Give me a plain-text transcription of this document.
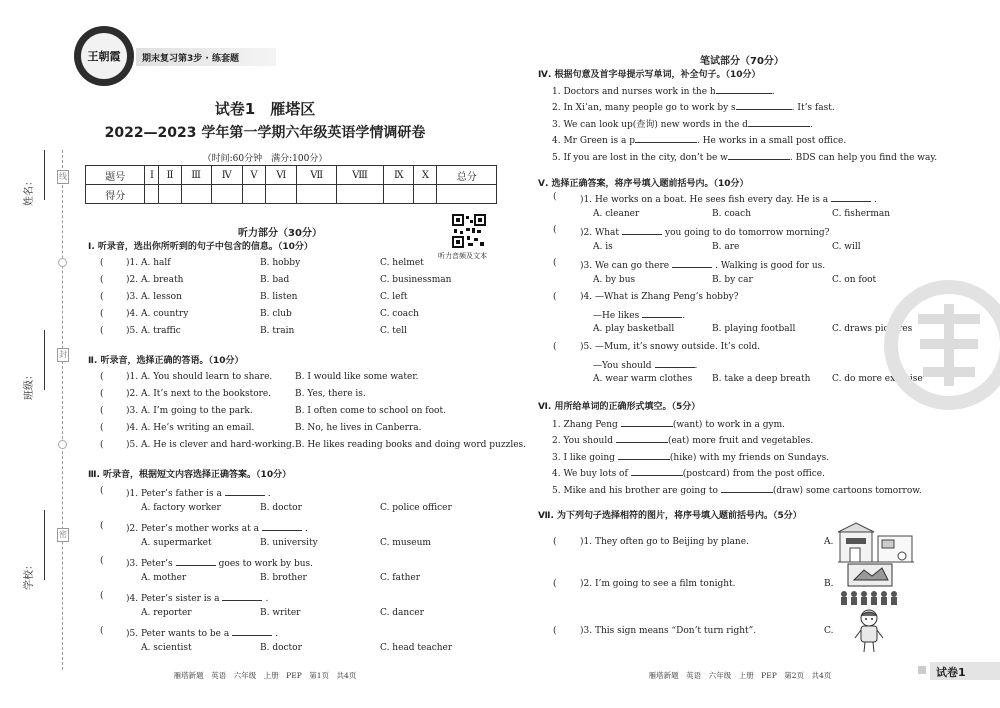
线
封
密
姓名：
班级：
学校：
王朝霞	期末复习第3步 · 练套题
试卷1　雁塔区
2022—2023 学年第一学期六年级英语学情调研卷
（时间:60分钟　满分:100分）
题号	Ⅰ	Ⅱ	Ⅲ	Ⅳ	Ⅴ	Ⅵ	Ⅶ	Ⅷ	Ⅸ	Ⅹ	总分
得分											
听力音频及文本
听力部分（30分）
Ⅰ. 听录音，选出你所听到的句子中包含的信息。（10分）
( )1. A. half	B. hobby	C. helmet
( )2. A. breath	B. bad	C. businessman
( )3. A. lesson	B. listen	C. left
( )4. A. country	B. club	C. coach
( )5. A. traffic	B. train	C. tell
Ⅱ. 听录音，选择正确的答语。（10分）
( )1. A. You should learn to share.	B. I would like some water.
( )2. A. It’s next to the bookstore.	B. Yes, there is.
( )3. A. I’m going to the park.	B. I often come to school on foot.
( )4. A. He’s writing an email.	B. No, he lives in Canberra.
( )5. A. He is clever and hard-working. B. He likes reading books and doing word puzzles.
Ⅲ. 听录音，根据短文内容选择正确答案。（10分）
( )1. Peter’s father is a	.
A. factory worker	B. doctor	C. police officer
( )2. Peter’s mother works at a	.
A. supermarket	B. university	C. museum
( )3. Peter’s	goes to work by bus.
A. mother	B. brother	C. father
( )4. Peter’s sister is a	.
A. reporter	B. writer	C. dancer
( )5. Peter wants to be a	.
A. scientist	B. doctor	C. head teacher
笔试部分（70分）
Ⅳ. 根据句意及首字母提示写单词，补全句子。（10分）
1. Doctors and nurses work in the h	.
2. In Xi’an, many people go to work by s	. It’s fast.
3. We can look up(查询) new words in the d	.
4. Mr Green is a p	. He works in a small post office.
5. If you are lost in the city, don’t be w	. BDS can help you find the way.
Ⅴ. 选择正确答案，将序号填入题前括号内。（10分）
(	)1. He works on a boat. He sees fish every day. He is a	.
A. cleaner	B. coach	C. fisherman
(	)2. What	you going to do tomorrow morning?
A. is	B. are	C. will
(	)3. We can go there	. Walking is good for us.
A. by bus	B. by car	C. on foot
(	)4. —What is Zhang Peng’s hobby?
—He likes	.
A. play basketball	B. playing football	C. draws pictures
(	)5. —Mum, it’s snowy outside. It’s cold.
—You should	.
A. wear warm clothes B. take a deep breath C. do more exercise
Ⅵ. 用所给单词的正确形式填空。（5分）
1. Zhang Peng	(want) to work in a gym.
2. You should	(eat) more fruit and vegetables.
3. I like going	(hike) with my friends on Sundays.
4. We buy lots of	(postcard) from the post office.
5. Mike and his brother are going to	(draw) some cartoons tomorrow.
Ⅶ. 为下列句子选择相符的图片，将序号填入题前括号内。（5分）
(	)1. They often go to Beijing by plane.	A.
(	)2. I’m going to see a film tonight.	B.
(	)3. This sign means “Don’t turn right”.	C.
雁塔新题　英语　六年级　上册　PEP　第1页　共4页	雁塔新题　英语　六年级　上册　PEP　第2页　共4页	试卷1
